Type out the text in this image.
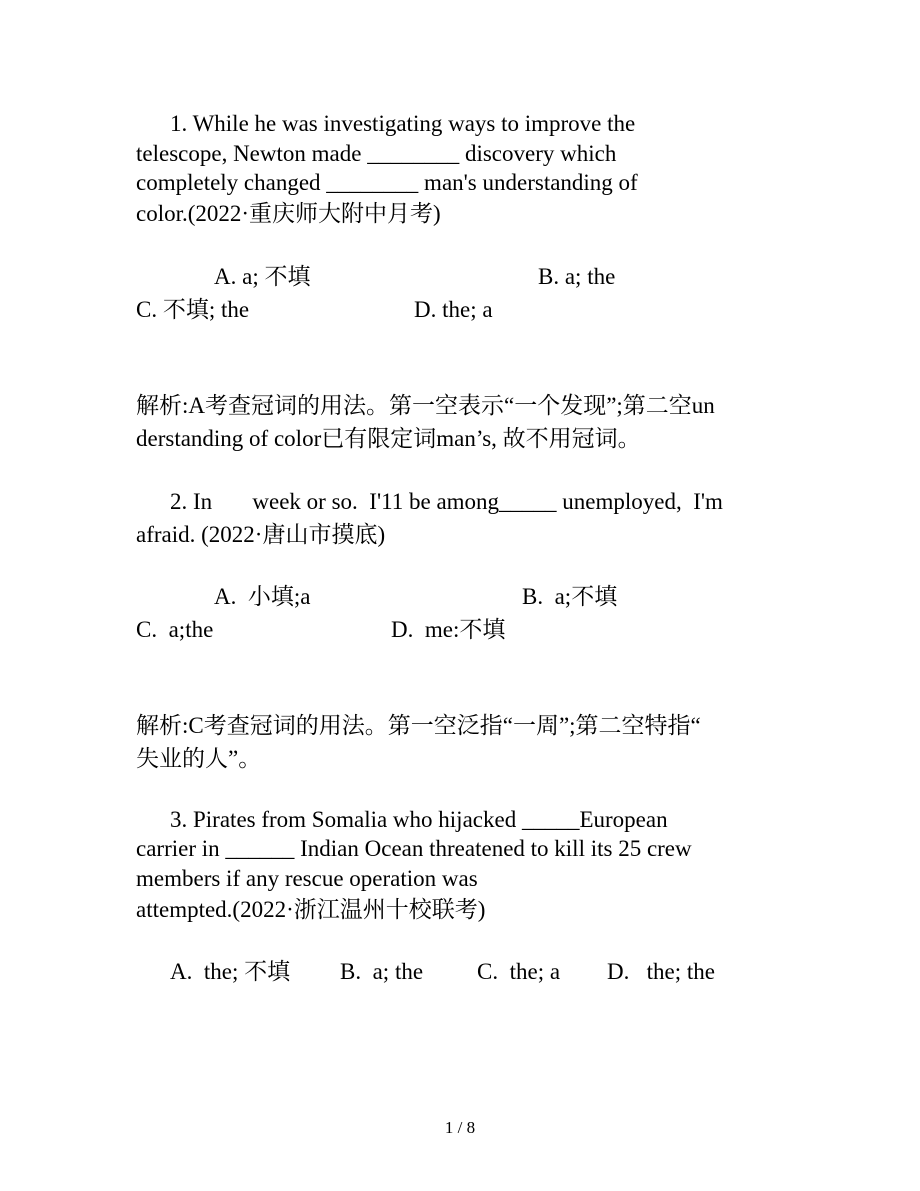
1. While he was investigating ways to improve the
telescope, Newton made ________ discovery which
completely changed ________ man's understanding of
color.(2022·重庆师大附中月考)
A. a; 不填	B. a; the
C. 不填; the	D. the; a
解析:A考查冠词的用法。第一空表示“一个发现”;第二空un
derstanding of color已有限定词man’s, 故不用冠词。
2. In       week or so.  I'11 be among_____ unemployed,  I'm
afraid. (2022·唐山市摸底)
A.  小填;a	B.  a;不填
C.  a;the	D.  me:不填
解析:C考查冠词的用法。第一空泛指“一周”;第二空特指“
失业的人”。
3. Pirates from Somalia who hijacked _____European
carrier in ______ Indian Ocean threatened to kill its 25 crew
members if any rescue operation was
attempted.(2022·浙江温州十校联考)
A.  the; 不填 B.  a; the C.  the; a D.   the; the
1 / 8
